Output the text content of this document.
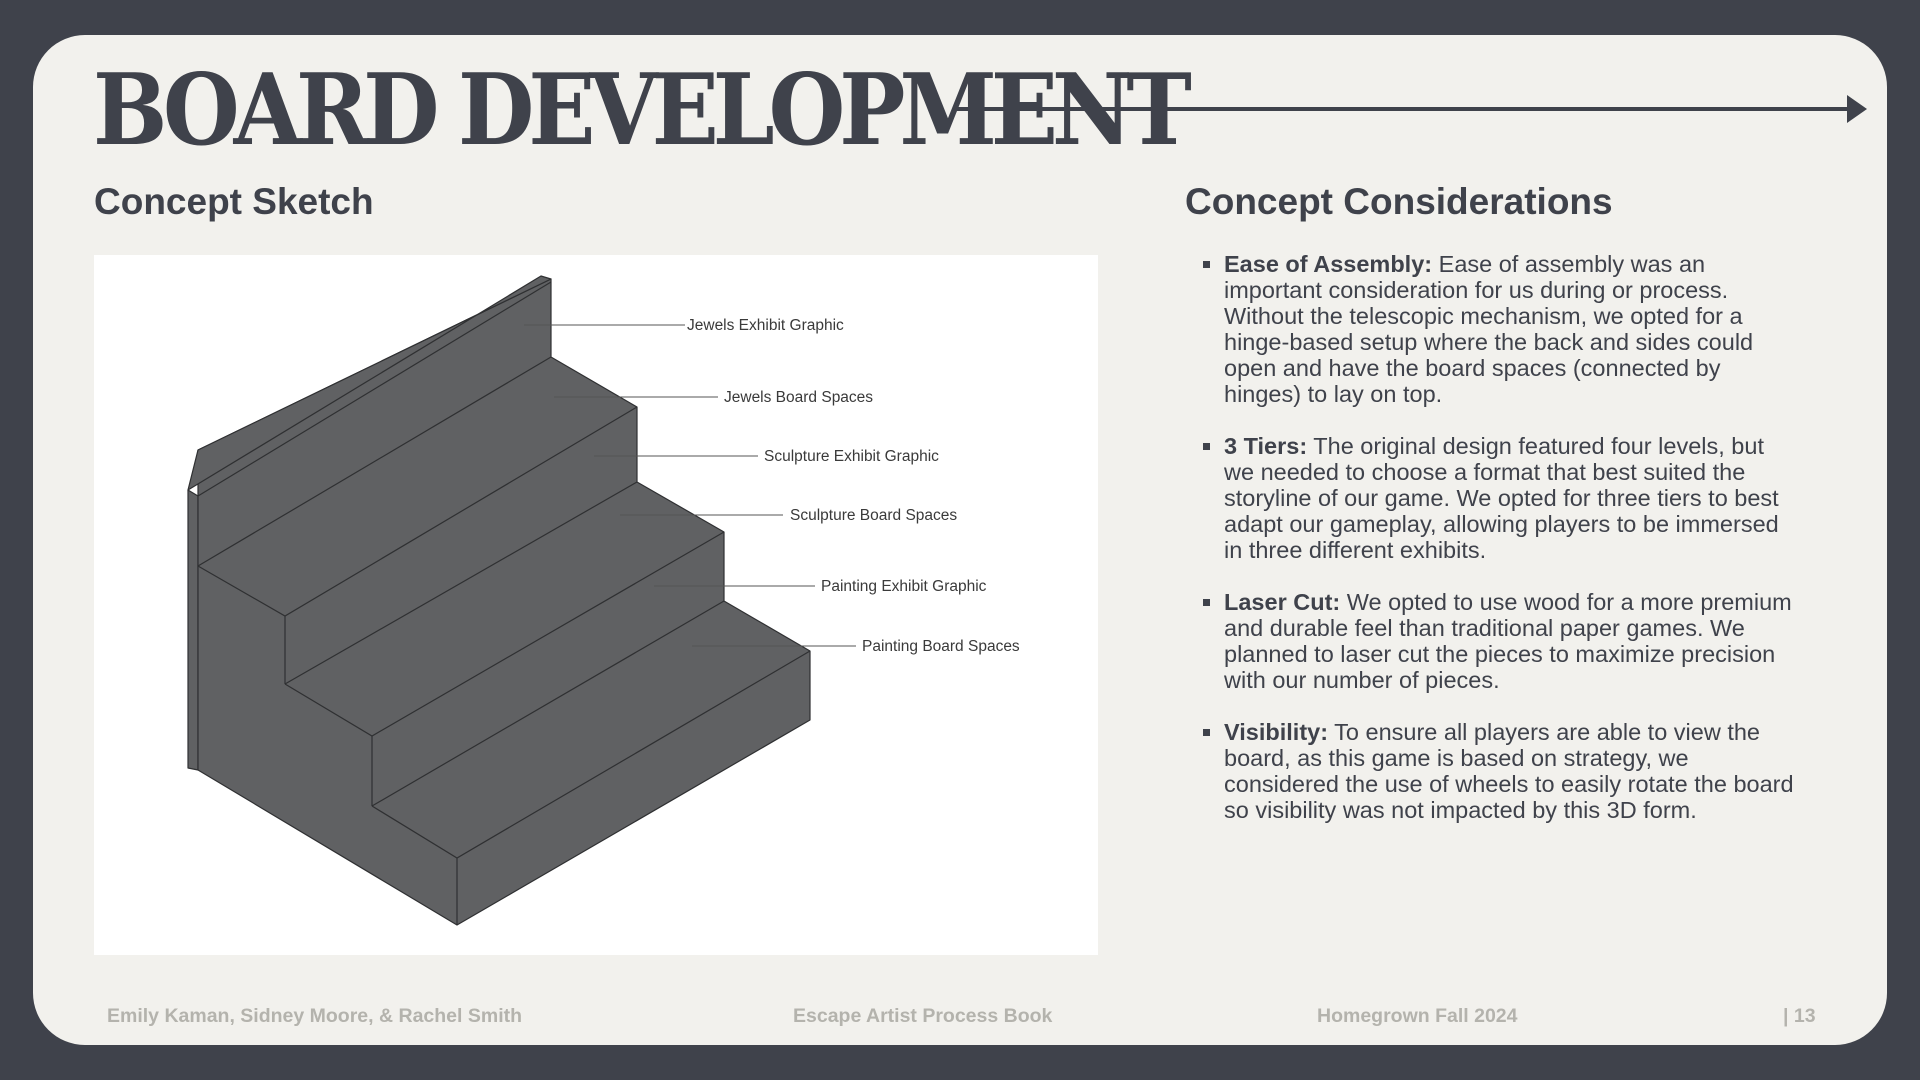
BOARD DEVELOPMENT
Concept Sketch	Concept Considerations
Jewels Exhibit Graphic
Jewels Board Spaces
Sculpture Exhibit Graphic
Sculpture Board Spaces
Painting Exhibit Graphic
Painting Board Spaces
Ease of Assembly: Ease of assembly was an important consideration for us during or process. Without the telescopic mechanism, we opted for a hinge-based setup where the back and sides could open and have the board spaces (connected by hinges) to lay on top.
3 Tiers: The original design featured four levels, but we needed to choose a format that best suited the storyline of our game. We opted for three tiers to best adapt our gameplay, allowing players to be immersed in three different exhibits.
Laser Cut: We opted to use wood for a more premium and durable feel than traditional paper games. We planned to laser cut the pieces to maximize precision with our number of pieces.
Visibility: To ensure all players are able to view the board, as this game is based on strategy, we considered the use of wheels to easily rotate the board so visibility was not impacted by this 3D form.
Emily Kaman, Sidney Moore, & Rachel Smith	Escape Artist Process Book	Homegrown Fall 2024	| 13
